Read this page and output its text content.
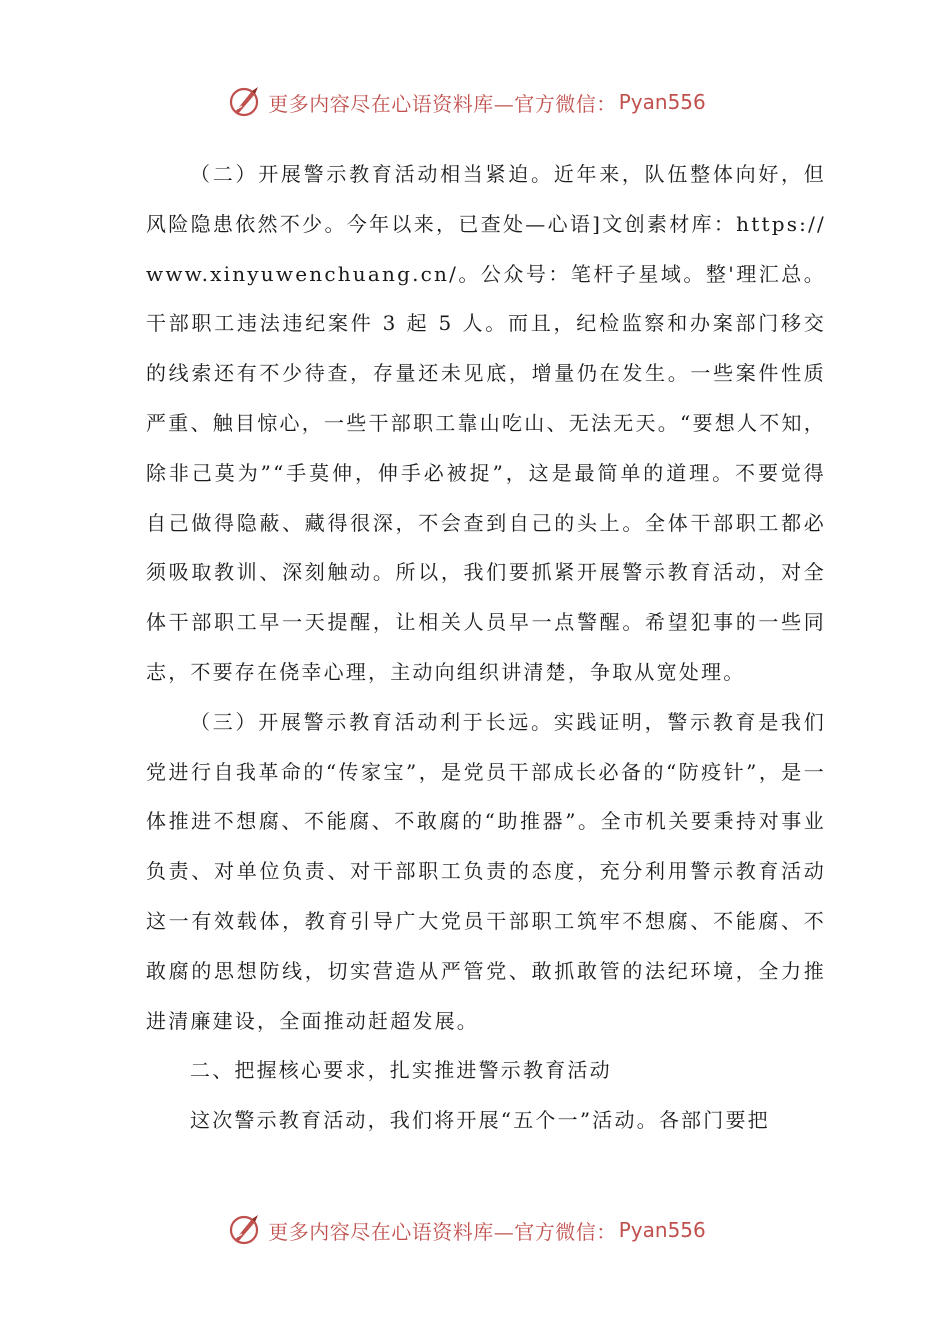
更多内容尽在心语资料库—官方微信： Pyan556

（二）开展警示教育活动相当紧迫。近年来，队伍整体向好，但风险隐患依然不少。今年以来，已查处—心语]文创素材库：https://www.xinyuwenchuang.cn/。公众号：笔杆子星域。整'理汇总。干部职工违法违纪案件 3 起 5 人。而且，纪检监察和办案部门移交的线索还有不少待查，存量还未见底，增量仍在发生。一些案件性质严重、触目惊心，一些干部职工靠山吃山、无法无天。“要想人不知，除非己莫为”“手莫伸，伸手必被捉”，这是最简单的道理。不要觉得自己做得隐蔽、藏得很深，不会查到自己的头上。全体干部职工都必须吸取教训、深刻触动。所以，我们要抓紧开展警示教育活动，对全体干部职工早一天提醒，让相关人员早一点警醒。希望犯事的一些同志，不要存在侥幸心理，主动向组织讲清楚，争取从宽处理。

（三）开展警示教育活动利于长远。实践证明，警示教育是我们党进行自我革命的“传家宝”，是党员干部成长必备的“防疫针”，是一体推进不想腐、不能腐、不敢腐的“助推器”。全市机关要秉持对事业负责、对单位负责、对干部职工负责的态度，充分利用警示教育活动这一有效载体，教育引导广大党员干部职工筑牢不想腐、不能腐、不敢腐的思想防线，切实营造从严管党、敢抓敢管的法纪环境，全力推进清廉建设，全面推动赶超发展。

二、把握核心要求，扎实推进警示教育活动

这次警示教育活动，我们将开展“五个一”活动。各部门要把

更多内容尽在心语资料库—官方微信： Pyan556
